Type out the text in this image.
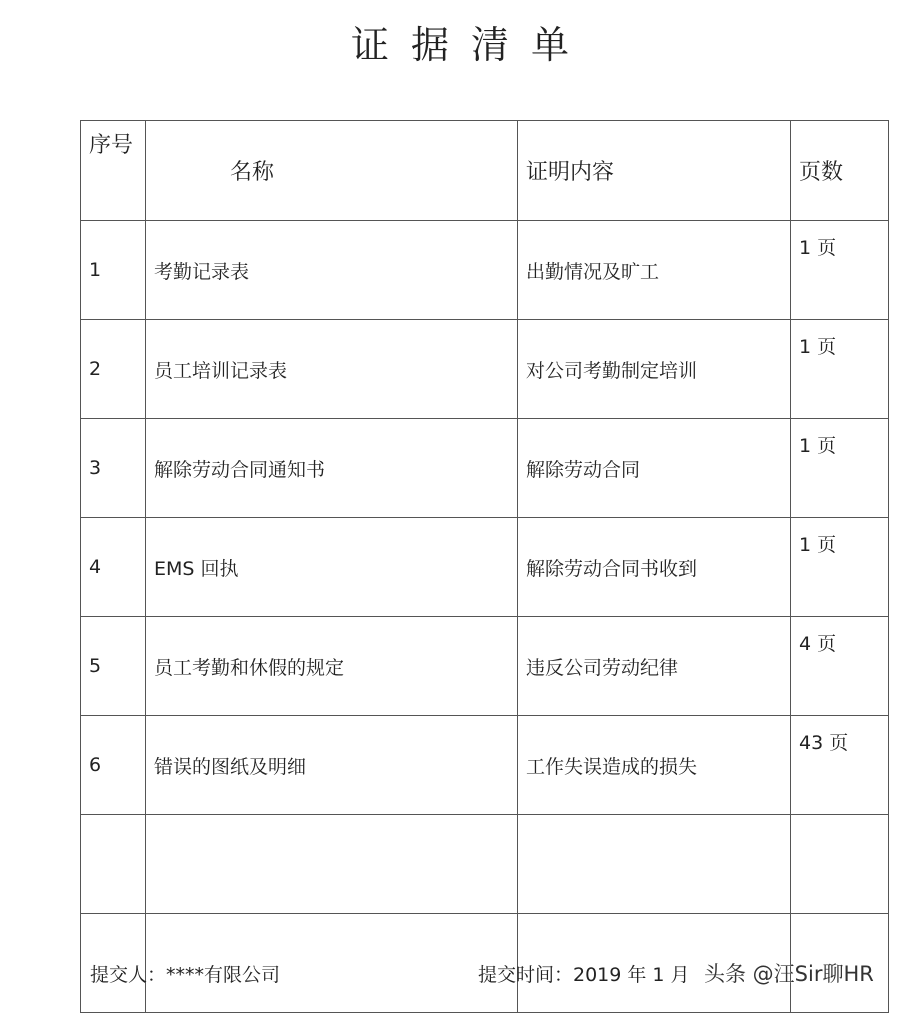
证据清单
序号	名称	证明内容	页数
1	考勤记录表	出勤情况及旷工	1 页
2	员工培训记录表	对公司考勤制定培训	1 页
3	解除劳动合同通知书	解除劳动合同	1 页
4	EMS 回执	解除劳动合同书收到	1 页
5	员工考勤和休假的规定	违反公司劳动纪律	4 页
6	错误的图纸及明细	工作失误造成的损失	43 页

提交人：****有限公司	提交时间：2019 年 1 月 头条 @汪Sir聊HR
